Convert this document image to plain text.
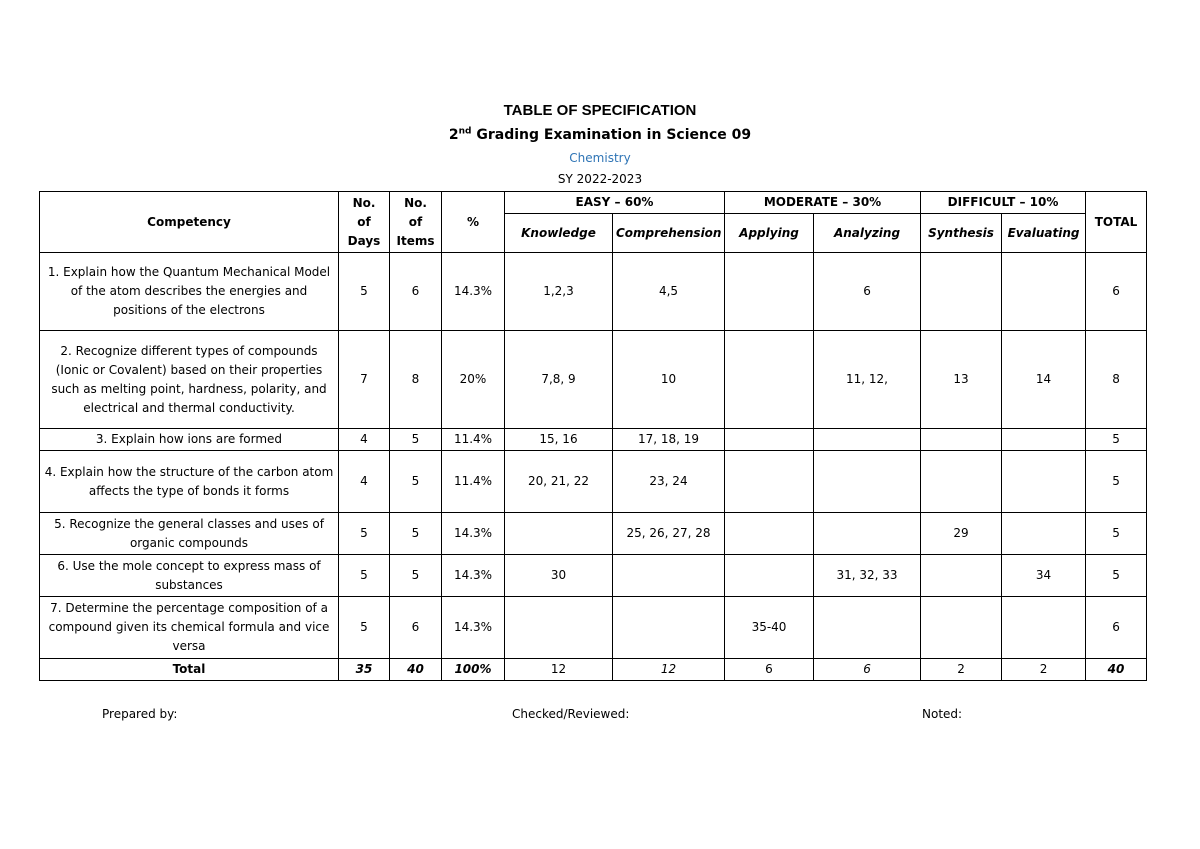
TABLE OF SPECIFICATION

2nd Grading Examination in Science 09

Chemistry

SY 2022-2023

Competency	No.
of
Days	No.
of
Items	%	EASY – 60%		MODERATE – 30%		DIFFICULT – 10%		TOTAL
				Knowledge	Comprehension	Applying	Analyzing	Synthesis	Evaluating	
1. Explain how the Quantum Mechanical Model of the atom describes the energies and positions of the electrons	5	6	14.3%	1,2,3	4,5		6			6
2. Recognize different types of compounds (Ionic or Covalent) based on their properties such as melting point, hardness, polarity, and electrical and thermal conductivity.	7	8	20%	7,8, 9	10		11, 12,	13	14	8
3. Explain how ions are formed	4	5	11.4%	15, 16	17, 18, 19					5
4. Explain how the structure of the carbon atom affects the type of bonds it forms	4	5	11.4%	20, 21, 22	23, 24					5
5. Recognize the general classes and uses of organic compounds	5	5	14.3%		25, 26, 27, 28			29		5
6. Use the mole concept to express mass of substances	5	5	14.3%	30			31, 32, 33		34	5
7. Determine the percentage composition of a compound given its chemical formula and vice versa	5	6	14.3%			35-40				6
Total	35	40	100%	12	12	6	6	2	2	40

Prepared by:	Checked/Reviewed:	Noted:
